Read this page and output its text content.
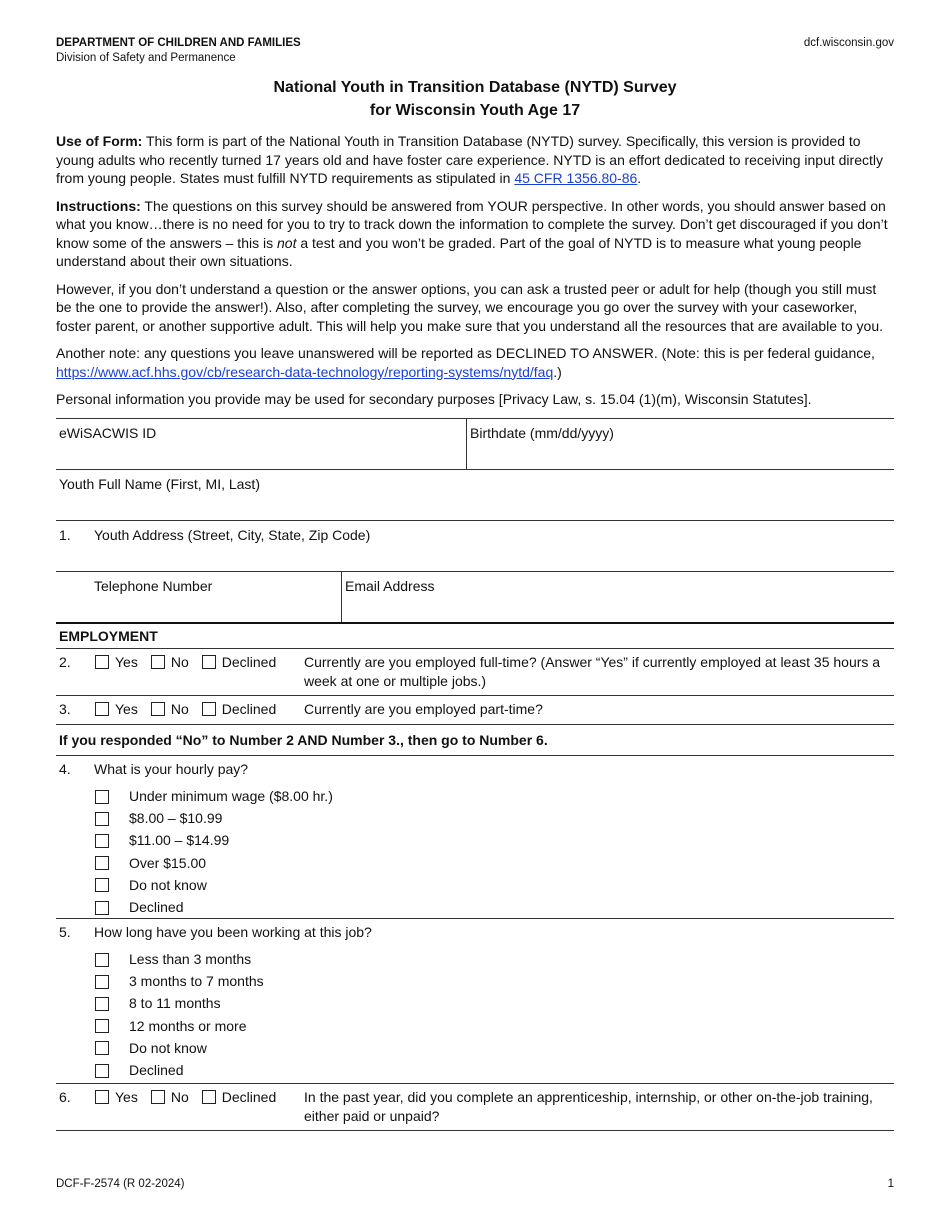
DEPARTMENT OF CHILDREN AND FAMILIES
Division of Safety and Permanence
dcf.wisconsin.gov
National Youth in Transition Database (NYTD) Survey
for Wisconsin Youth Age 17

Use of Form: This form is part of the National Youth in Transition Database (NYTD) survey. Specifically, this version is provided to young adults who recently turned 17 years old and have foster care experience. NYTD is an effort dedicated to receiving input directly from young people. States must fulfill NYTD requirements as stipulated in 45 CFR 1356.80-86.

Instructions: The questions on this survey should be answered from YOUR perspective. In other words, you should answer based on what you know…there is no need for you to try to track down the information to complete the survey. Don’t get discouraged if you don’t know some of the answers – this is not a test and you won’t be graded. Part of the goal of NYTD is to measure what young people understand about their own situations.

However, if you don’t understand a question or the answer options, you can ask a trusted peer or adult for help (though you still must be the one to provide the answer!). Also, after completing the survey, we encourage you go over the survey with your caseworker, foster parent, or another supportive adult. This will help you make sure that you understand all the resources that are available to you.

Another note: any questions you leave unanswered will be reported as DECLINED TO ANSWER. (Note: this is per federal guidance, https://www.acf.hhs.gov/cb/research-data-technology/reporting-systems/nytd/faq.)

Personal information you provide may be used for secondary purposes [Privacy Law, s. 15.04 (1)(m), Wisconsin Statutes].

eWiSACWIS ID	Birthdate (mm/dd/yyyy)
Youth Full Name (First, MI, Last)
1.	Youth Address (Street, City, State, Zip Code)
Telephone Number	Email Address
EMPLOYMENT
2.	Yes No Declined Currently are you employed full-time? (Answer “Yes” if currently employed at least 35 hours a week at one or multiple jobs.)
3.	Yes No Declined Currently are you employed part-time?
If you responded “No” to Number 2 AND Number 3., then go to Number 6.
4. What is your hourly pay?
Under minimum wage ($8.00 hr.)
$8.00 – $10.99
$11.00 – $14.99
Over $15.00
Do not know
Declined
5. How long have you been working at this job?
Less than 3 months
3 months to 7 months
8 to 11 months
12 months or more
Do not know
Declined
6.	Yes No Declined In the past year, did you complete an apprenticeship, internship, or other on-the-job training, either paid or unpaid?
DCF-F-2574 (R 02-2024)	1
